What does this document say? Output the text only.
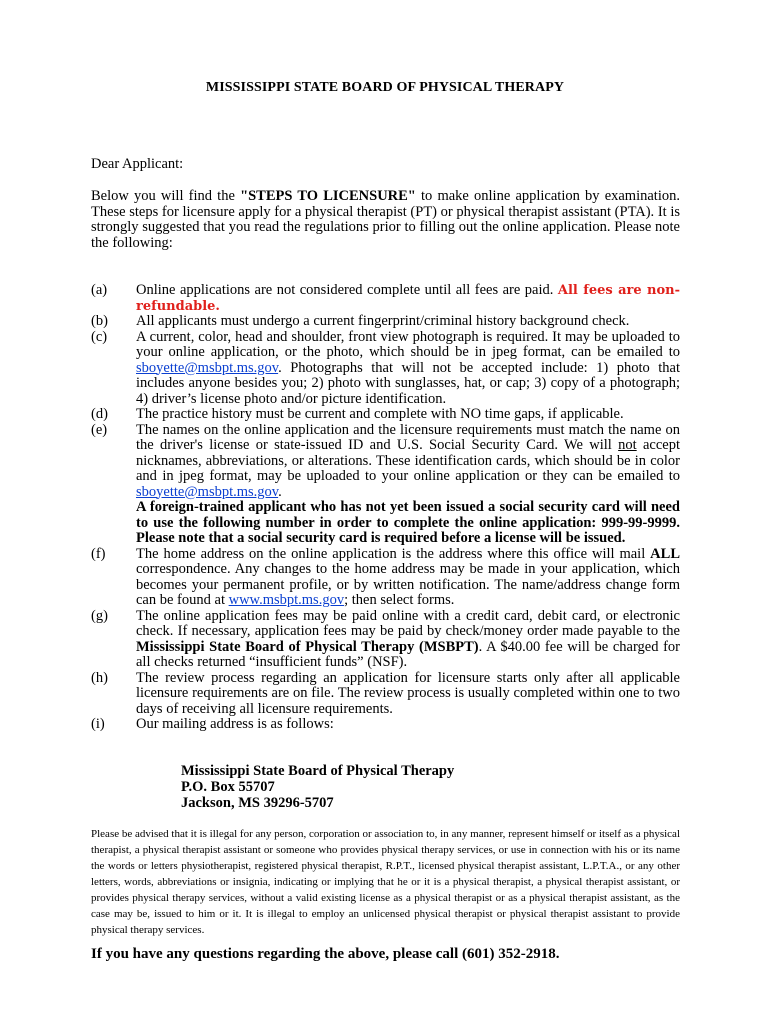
MISSISSIPPI STATE BOARD OF PHYSICAL THERAPY
Dear Applicant:
Below you will find the "STEPS TO LICENSURE" to make online application by examination. These steps for licensure apply for a physical therapist (PT) or physical therapist assistant (PTA). It is strongly suggested that you read the regulations prior to filling out the online application. Please note the following:
(a)	Online applications are not considered complete until all fees are paid. All fees are non-refundable.
(b)	All applicants must undergo a current fingerprint/criminal history background check.
(c)	A current, color, head and shoulder, front view photograph is required. It may be uploaded to your online application, or the photo, which should be in jpeg format, can be emailed to sboyette@msbpt.ms.gov. Photographs that will not be accepted include: 1) photo that includes anyone besides you; 2) photo with sunglasses, hat, or cap; 3) copy of a photograph; 4) driver’s license photo and/or picture identification.
(d)	The practice history must be current and complete with NO time gaps, if applicable.
(e)	The names on the online application and the licensure requirements must match the name on the driver's license or state-issued ID and U.S. Social Security Card. We will not accept nicknames, abbreviations, or alterations. These identification cards, which should be in color and in jpeg format, may be uploaded to your online application or they can be emailed to sboyette@msbpt.ms.gov.
A foreign-trained applicant who has not yet been issued a social security card will need to use the following number in order to complete the online application: 999-99-9999. Please note that a social security card is required before a license will be issued.
(f)	The home address on the online application is the address where this office will mail ALL correspondence. Any changes to the home address may be made in your application, which becomes your permanent profile, or by written notification. The name/address change form can be found at www.msbpt.ms.gov; then select forms.
(g)	The online application fees may be paid online with a credit card, debit card, or electronic check. If necessary, application fees may be paid by check/money order made payable to the Mississippi State Board of Physical Therapy (MSBPT). A $40.00 fee will be charged for all checks returned “insufficient funds” (NSF).
(h)	The review process regarding an application for licensure starts only after all applicable licensure requirements are on file. The review process is usually completed within one to two days of receiving all licensure requirements.
(i)	Our mailing address is as follows:
Mississippi State Board of Physical Therapy
P.O. Box 55707
Jackson, MS 39296-5707
Please be advised that it is illegal for any person, corporation or association to, in any manner, represent himself or itself as a physical therapist, a physical therapist assistant or someone who provides physical therapy services, or use in connection with his or its name the words or letters physiotherapist, registered physical therapist, R.P.T., licensed physical therapist assistant, L.P.T.A., or any other letters, words, abbreviations or insignia, indicating or implying that he or it is a physical therapist, a physical therapist assistant, or provides physical therapy services, without a valid existing license as a physical therapist or as a physical therapist assistant, as the case may be, issued to him or it. It is illegal to employ an unlicensed physical therapist or physical therapist assistant to provide physical therapy services.
If you have any questions regarding the above, please call (601) 352-2918.
